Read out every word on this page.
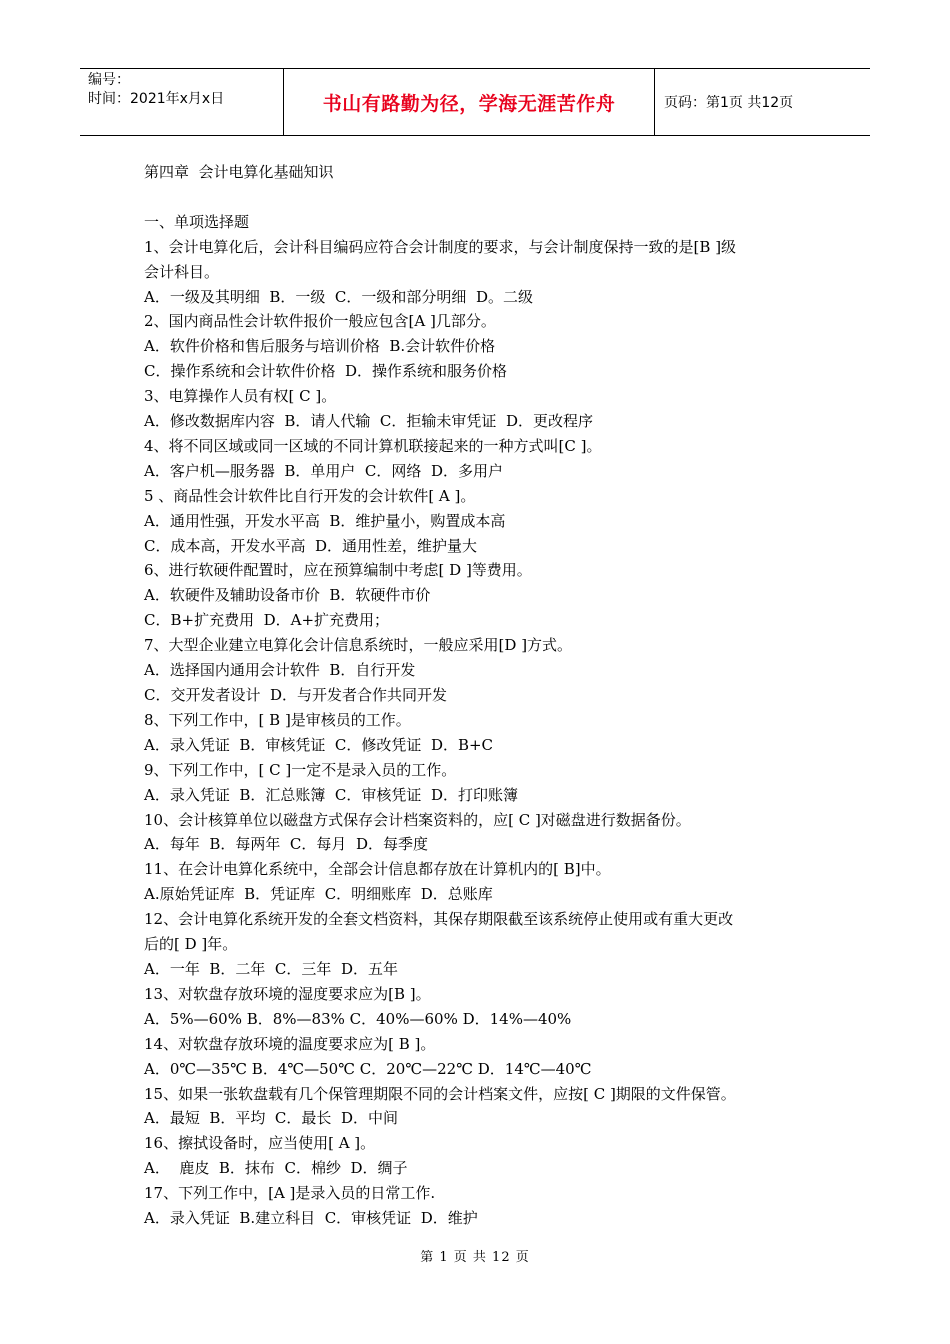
编号：
时间：2021年x月x日	书山有路勤为径，学海无涯苦作舟	页码：第1页 共12页

第四章  会计电算化基础知识

一、单项选择题

1、会计电算化后，会计科目编码应符合会计制度的要求，与会计制度保持一致的是[B ]级

会计科目。

A．一级及其明细  B．一级  C．一级和部分明细  D。二级

2、国内商品性会计软件报价一般应包含[A ]几部分。

A．软件价格和售后服务与培训价格  B.会计软件价格

C．操作系统和会计软件价格  D．操作系统和服务价格

3、电算操作人员有权[ C ]。

A．修改数据库内容  B．请人代输  C．拒输未审凭证  D．更改程序

4、将不同区域或同一区域的不同计算机联接起来的一种方式叫[C ]。

A．客户机—服务器  B．单用户  C．网络  D．多用户

5 、商品性会计软件比自行开发的会计软件[ A ]。

A．通用性强，开发水平高  B．维护量小，购置成本高

C．成本高，开发水平高  D．通用性差，维护量大

6、进行软硬件配置时，应在预算编制中考虑[ D ]等费用。

A．软硬件及辅助设备市价  B．软硬件市价

C．B+扩充费用  D．A+扩充费用；

7、大型企业建立电算化会计信息系统时，一般应采用[D ]方式。

A．选择国内通用会计软件  B．自行开发

C．交开发者设计  D．与开发者合作共同开发

8、下列工作中，[ B ]是审核员的工作。

A．录入凭证  B．审核凭证  C．修改凭证  D．B+C

9、下列工作中，[ C ]一定不是录入员的工作。

A．录入凭证  B．汇总账簿  C．审核凭证  D．打印账簿

10、会计核算单位以磁盘方式保存会计档案资料的，应[ C ]对磁盘进行数据备份。

A．每年  B．每两年  C．每月  D．每季度

11、在会计电算化系统中，全部会计信息都存放在计算机内的[ B]中。

A.原始凭证库  B．凭证库  C．明细账库  D．总账库

12、会计电算化系统开发的全套文档资料，其保存期限截至该系统停止使用或有重大更改

后的[ D ]年。

A．一年  B．二年  C．三年  D．五年

13、对软盘存放环境的湿度要求应为[B ]。

A．5%—60% B．8%—83% C．40%—60% D．14%—40%

14、对软盘存放环境的温度要求应为[ B ]。

A．0℃—35℃ B．4℃—50℃ C．20℃—22℃ D．14℃—40℃

15、如果一张软盘载有几个保管理期限不同的会计档案文件，应按[ C ]期限的文件保管。

A．最短  B．平均  C．最长  D．中间

16、擦拭设备时，应当使用[ A ]。

A．  鹿皮  B．抹布  C．棉纱  D．绸子

17、下列工作中，[A ]是录入员的日常工作.

A．录入凭证  B.建立科目  C．审核凭证  D．维护

第 1 页 共 12 页
